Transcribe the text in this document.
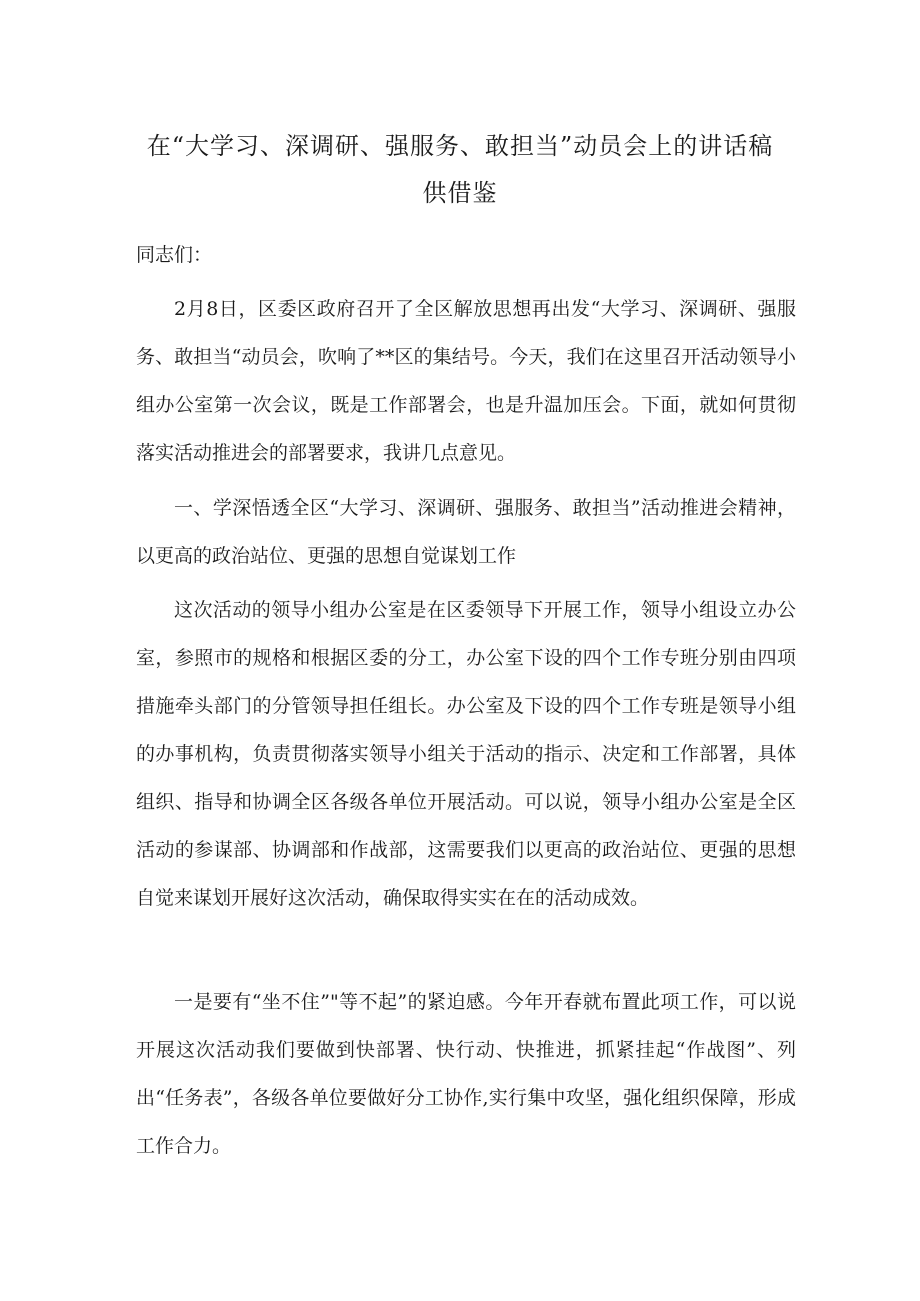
在“大学习、深调研、强服务、敢担当”动员会上的讲话稿
供借鉴

同志们：

2月8日，区委区政府召开了全区解放思想再出发“大学习、深调研、强服务、敢担当“动员会，吹响了**区的集结号。今天，我们在这里召开活动领导小组办公室第一次会议，既是工作部署会，也是升温加压会。下面，就如何贯彻落实活动推进会的部署要求，我讲几点意见。

一、学深悟透全区“大学习、深调研、强服务、敢担当”活动推进会精神，以更高的政治站位、更强的思想自觉谋划工作

这次活动的领导小组办公室是在区委领导下开展工作，领导小组设立办公室，参照市的规格和根据区委的分工，办公室下设的四个工作专班分别由四项措施牵头部门的分管领导担任组长。办公室及下设的四个工作专班是领导小组的办事机构，负责贯彻落实领导小组关于活动的指示、决定和工作部署，具体组织、指导和协调全区各级各单位开展活动。可以说，领导小组办公室是全区活动的参谋部、协调部和作战部，这需要我们以更高的政治站位、更强的思想自觉来谋划开展好这次活动，确保取得实实在在的活动成效。

一是要有“坐不住”"等不起”的紧迫感。今年开春就布置此项工作，可以说开展这次活动我们要做到快部署、快行动、快推进，抓紧挂起“作战图”、列出“任务表”，各级各单位要做好分工协作,实行集中攻坚，强化组织保障，形成工作合力。
